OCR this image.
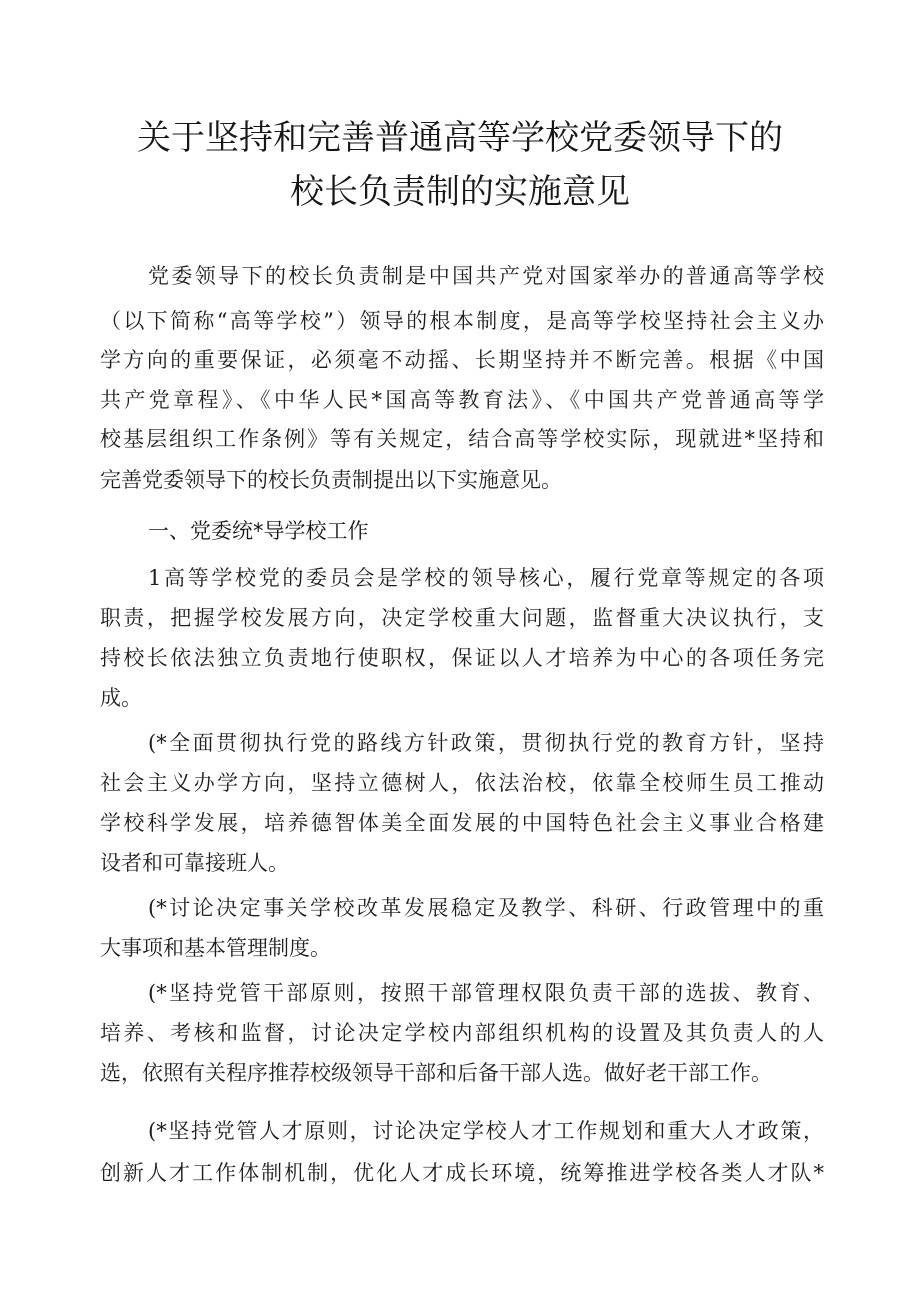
关于坚持和完善普通高等学校党委领导下的
校长负责制的实施意见
党委领导下的校长负责制是中国共产党对国家举办的普通高等学校
（以下简称“高等学校”）领导的根本制度，是高等学校坚持社会主义办
学方向的重要保证，必须毫不动摇、长期坚持并不断完善。根据《中国
共产党章程》、《中华人民*国高等教育法》、《中国共产党普通高等学
校基层组织工作条例》等有关规定，结合高等学校实际，现就进*坚持和
完善党委领导下的校长负责制提出以下实施意见。
一、党委统*导学校工作
1高等学校党的委员会是学校的领导核心，履行党章等规定的各项
职责，把握学校发展方向，决定学校重大问题，监督重大决议执行，支
持校长依法独立负责地行使职权，保证以人才培养为中心的各项任务完
成。
(*全面贯彻执行党的路线方针政策，贯彻执行党的教育方针，坚持
社会主义办学方向，坚持立德树人，依法治校，依靠全校师生员工推动
学校科学发展，培养德智体美全面发展的中国特色社会主义事业合格建
设者和可靠接班人。
(*讨论决定事关学校改革发展稳定及教学、科研、行政管理中的重
大事项和基本管理制度。
(*坚持党管干部原则，按照干部管理权限负责干部的选拔、教育、
培养、考核和监督，讨论决定学校内部组织机构的设置及其负责人的人
选，依照有关程序推荐校级领导干部和后备干部人选。做好老干部工作。
(*坚持党管人才原则，讨论决定学校人才工作规划和重大人才政策，
创新人才工作体制机制，优化人才成长环境，统筹推进学校各类人才队*
